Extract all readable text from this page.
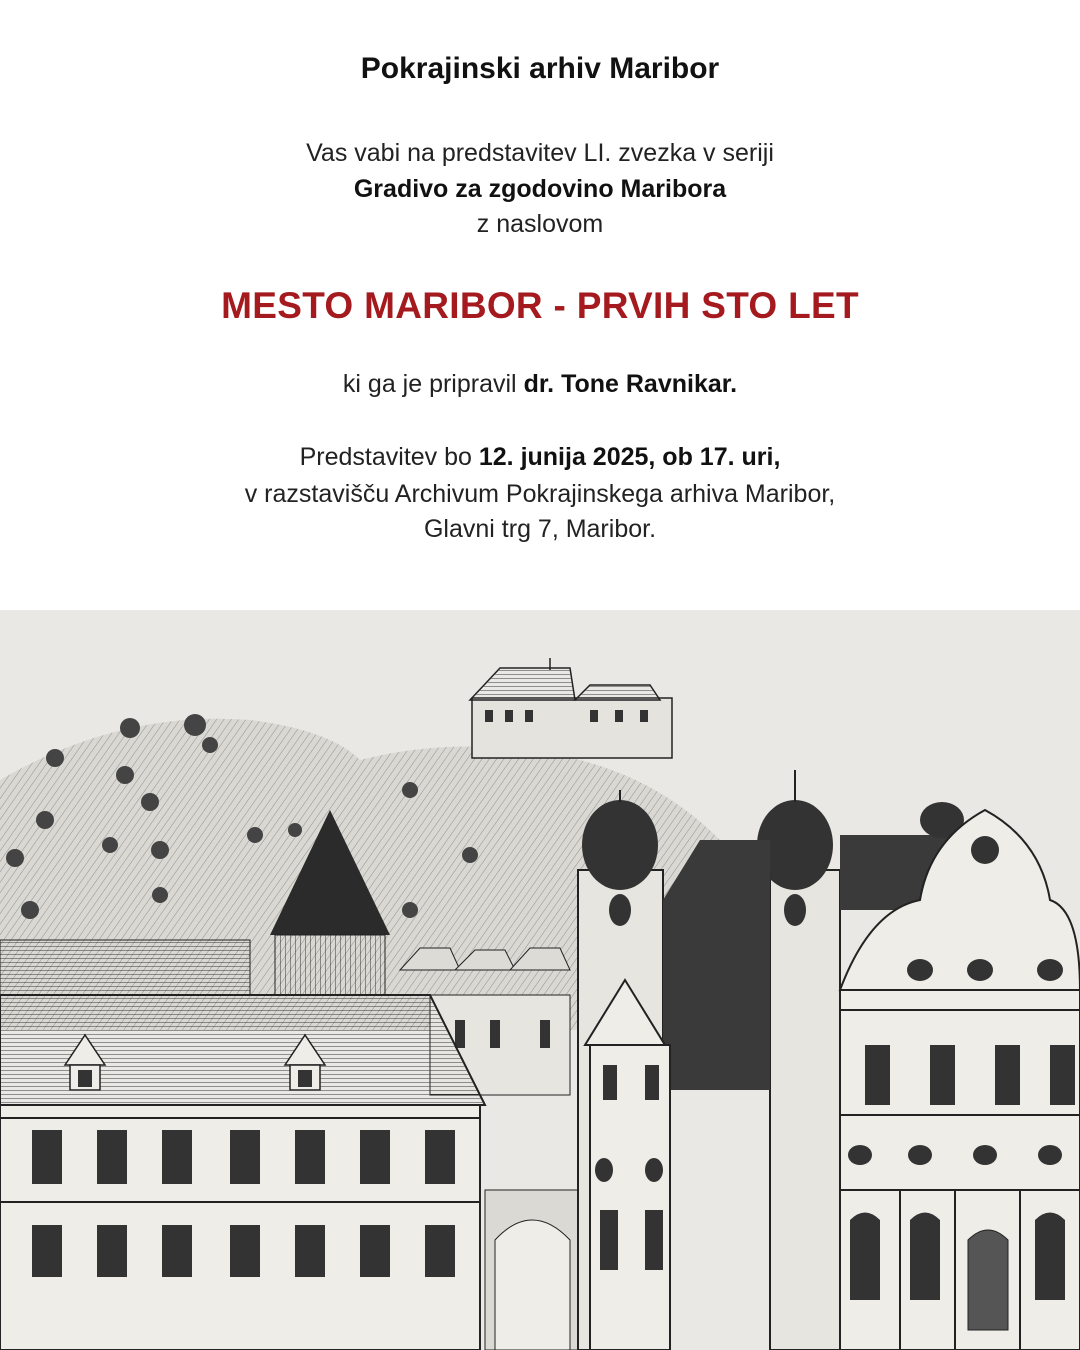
Pokrajinski arhiv Maribor
Vas vabi na predstavitev LI. zvezka v seriji
Gradivo za zgodovino Maribora
z naslovom
MESTO MARIBOR - PRVIH STO LET
ki ga je pripravil dr. Tone Ravnikar.
Predstavitev bo 12. junija 2025, ob 17. uri,
v razstavišču Archivum Pokrajinskega arhiva Maribor,
Glavni trg 7, Maribor.
